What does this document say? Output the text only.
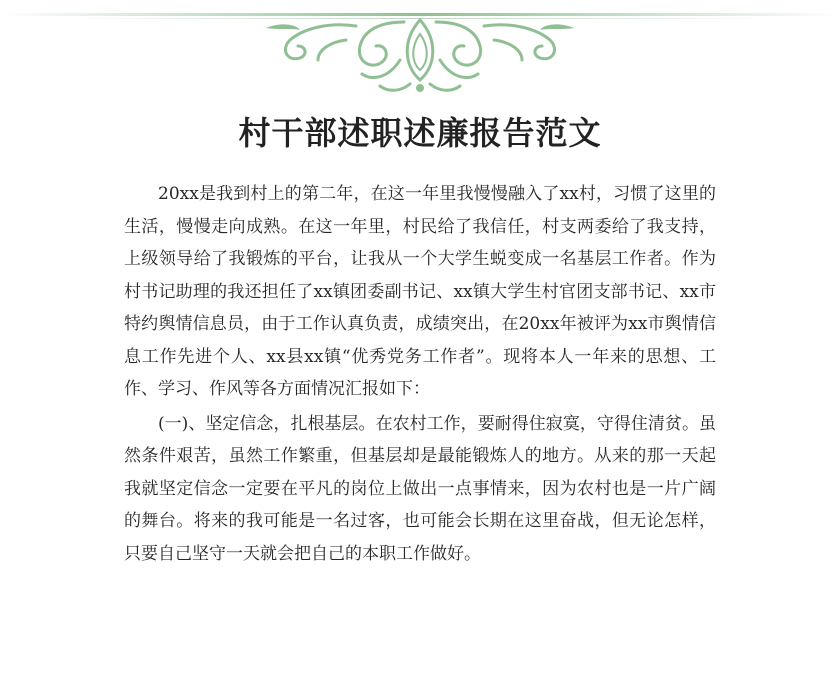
村干部述职述廉报告范文

20xx是我到村上的第二年，在这一年里我慢慢融入了xx村，习惯了这里的生活，慢慢走向成熟。在这一年里，村民给了我信任，村支两委给了我支持，上级领导给了我锻炼的平台，让我从一个大学生蜕变成一名基层工作者。作为村书记助理的我还担任了xx镇团委副书记、xx镇大学生村官团支部书记、xx市特约舆情信息员，由于工作认真负责，成绩突出，在20xx年被评为xx市舆情信息工作先进个人、xx县xx镇“优秀党务工作者”。现将本人一年来的思想、工作、学习、作风等各方面情况汇报如下：

(一)、坚定信念，扎根基层。在农村工作，要耐得住寂寞，守得住清贫。虽然条件艰苦，虽然工作繁重，但基层却是最能锻炼人的地方。从来的那一天起我就坚定信念一定要在平凡的岗位上做出一点事情来，因为农村也是一片广阔的舞台。将来的我可能是一名过客，也可能会长期在这里奋战，但无论怎样，只要自己坚守一天就会把自己的本职工作做好。
